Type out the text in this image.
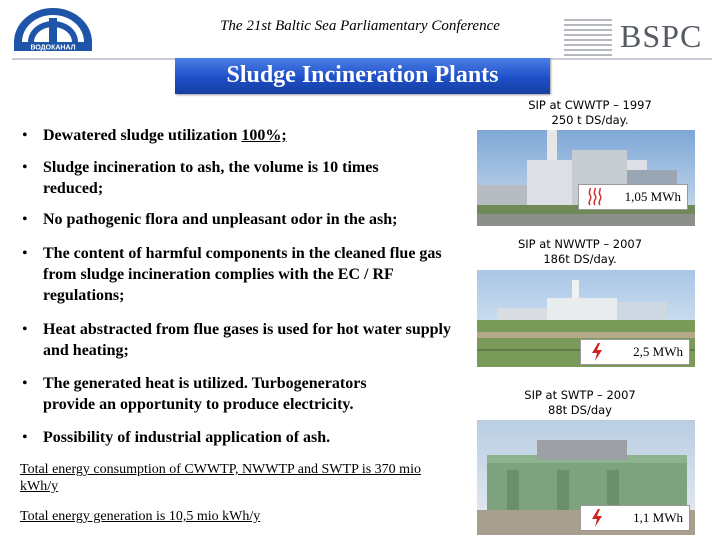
ВОДОКАНАЛ
The 21st Baltic Sea Parliamentary Conference	BSPC
Sludge Incineration Plants
• Dewatered sludge utilization 100%;
• Sludge incineration to ash, the volume is 10 times reduced;
• No pathogenic flora and unpleasant odor in the ash;
• The content of harmful components in the cleaned flue gas from sludge incineration complies with the EC / RF regulations;
• Heat abstracted from flue gases is used for hot water supply and heating;
• The generated heat is utilized. Turbogenerators provide an opportunity to produce electricity.
• Possibility of industrial application of ash.
Total energy consumption of CWWTP, NWWTP and SWTP is 370 mio kWh/y
Total energy generation is 10,5 mio kWh/y
SIP at CWWTP – 1997
250 t DS/day.
1,05 MWh
SIP at NWWTP – 2007
186t DS/day.
2,5 MWh
SIP at SWTP – 2007
88t DS/day
1,1 MWh
